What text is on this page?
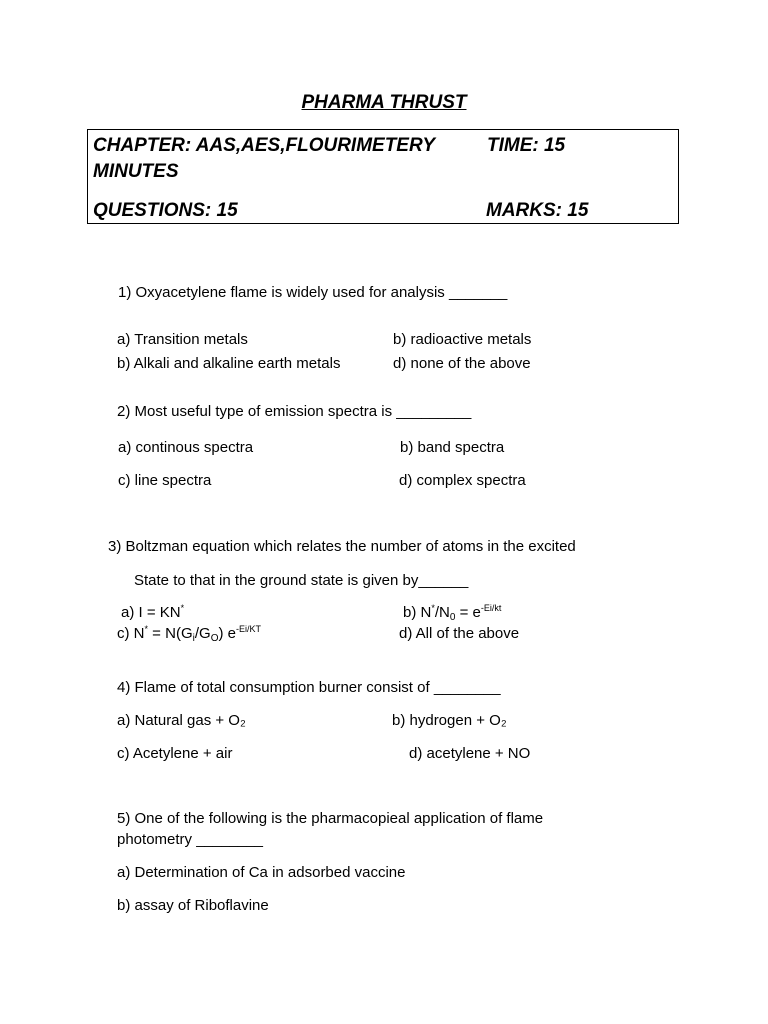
PHARMA THRUST
CHAPTER: AAS,AES,FLOURIMETERY	TIME: 15
MINUTES
QUESTIONS: 15	MARKS: 15
1) Oxyacetylene flame is widely used for analysis _______
a) Transition metals	b) radioactive metals
b) Alkali and alkaline earth metals	d) none of the above
2) Most useful type of emission spectra is _________
a) continous spectra	b) band spectra
c) line spectra	d) complex spectra
3) Boltzman equation which relates the number of atoms in the excited
State to that in the ground state is given by______
a) I = KN*	b) $N^*/N_0 = e^{-Ei/kt}$
c) $N^* = N(G_i/G_O)$ $e^{-Ei/KT}$	d) All of the above
4) Flame of total consumption burner consist of ________
a) Natural gas + O₂	b) hydrogen + O₂
c) Acetylene + air	d) acetylene + NO
5) One of the following is the pharmacopieal application of flame
photometry ________
a) Determination of Ca in adsorbed vaccine
b) assay of Riboflavine
